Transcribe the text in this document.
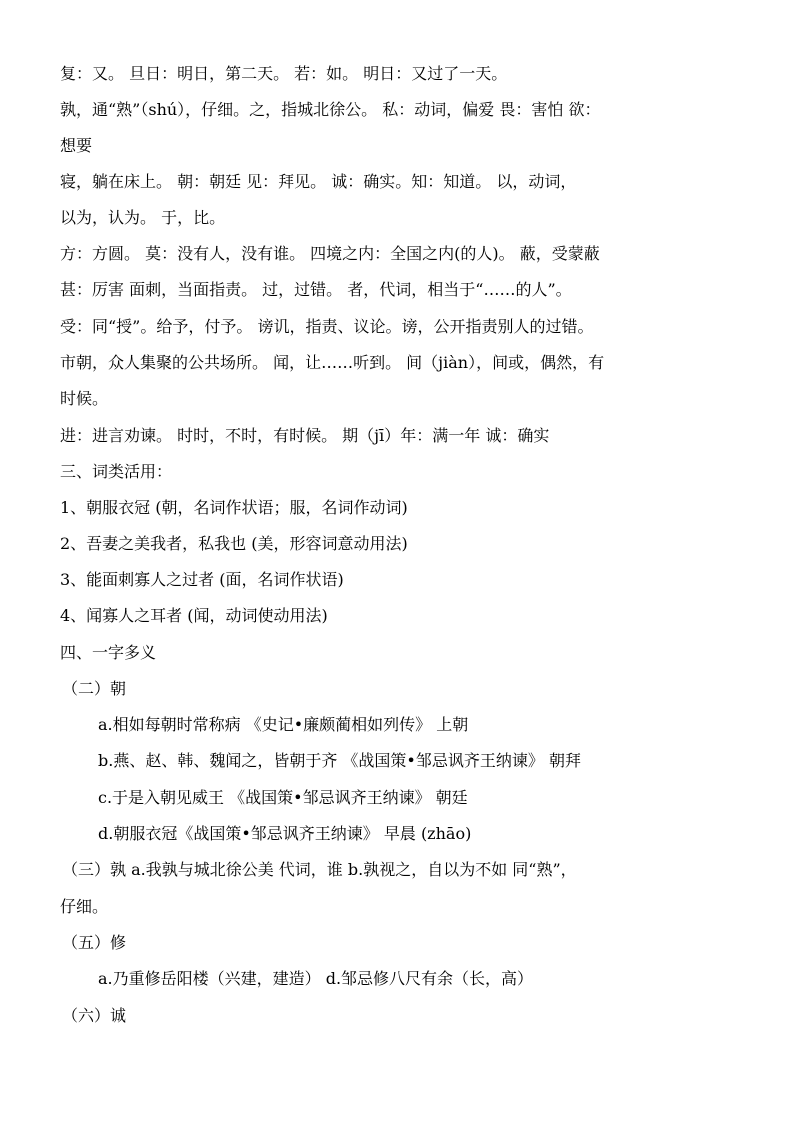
复：又。 旦日：明日，第二天。 若：如。 明日：又过了一天。
孰，通“熟”（shú），仔细。之，指城北徐公。 私：动词，偏爱 畏：害怕 欲：
想要
寝，躺在床上。 朝：朝廷 见：拜见。 诚：确实。知：知道。 以，动词，
以为，认为。 于，比。
方：方圆。 莫：没有人，没有谁。 四境之内：全国之内(的人)。 蔽，受蒙蔽
甚：厉害 面刺，当面指责。 过，过错。 者，代词，相当于“……的人”。
受：同“授”。给予，付予。 谤讥，指责、议论。谤，公开指责别人的过错。
市朝，众人集聚的公共场所。 闻，让……听到。 间（jiàn），间或，偶然，有
时候。
进：进言劝谏。 时时，不时，有时候。 期（jī）年：满一年 诚：确实
三、词类活用：
1、朝服衣冠 (朝，名词作状语；服，名词作动词)
2、吾妻之美我者，私我也 (美，形容词意动用法)
3、能面刺寡人之过者 (面，名词作状语)
4、闻寡人之耳者 (闻，动词使动用法)
四、一字多义
（二）朝
a.相如每朝时常称病 《史记•廉颇蔺相如列传》 上朝
b.燕、赵、韩、魏闻之，皆朝于齐 《战国策•邹忌讽齐王纳谏》 朝拜
c.于是入朝见威王 《战国策•邹忌讽齐王纳谏》 朝廷
d.朝服衣冠《战国策•邹忌讽齐王纳谏》 早晨 (zhāo)
（三）孰 a.我孰与城北徐公美 代词，谁 b.孰视之，自以为不如 同“熟”，
仔细。
（五）修
a.乃重修岳阳楼（兴建，建造） d.邹忌修八尺有余（长，高）
（六）诚
